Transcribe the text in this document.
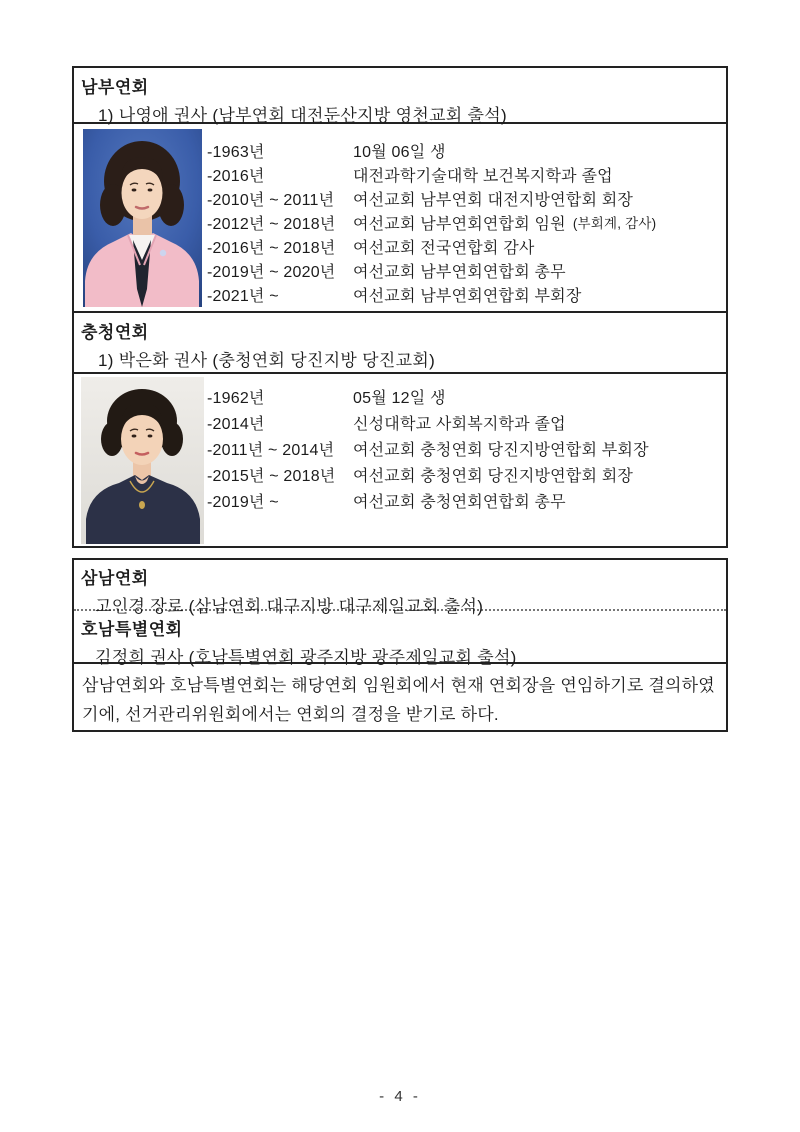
남부연회
1) 나영애 권사 (남부연회 대전둔산지방 영천교회 출석)
-1963년	10월 06일 생
-2016년	대전과학기술대학 보건복지학과 졸업
-2010년 ~ 2011년	여선교회 남부연회 대전지방연합회 회장
-2012년 ~ 2018년	여선교회 남부연회연합회 임원 (부회계, 감사)
-2016년 ~ 2018년	여선교회 전국연합회 감사
-2019년 ~ 2020년	여선교회 남부연회연합회 총무
-2021년 ~	여선교회 남부연회연합회 부회장
충청연회
1) 박은화 권사 (충청연회 당진지방 당진교회)
-1962년	05월 12일 생
-2014년	신성대학교 사회복지학과 졸업
-2011년 ~ 2014년	여선교회 충청연회 당진지방연합회 부회장
-2015년 ~ 2018년	여선교회 충청연회 당진지방연합회 회장
-2019년 ~	여선교회 충청연회연합회 총무
삼남연회
고인경 장로 (삼남연회 대구지방 대구제일교회 출석)
호남특별연회
김정희 권사 (호남특별연회 광주지방 광주제일교회 출석)
삼남연회와 호남특별연회는 해당연회 임원회에서 현재 연회장을 연임하기로 결의하였기에, 선거관리위원회에서는 연회의 결정을 받기로 하다.
- 4 -
